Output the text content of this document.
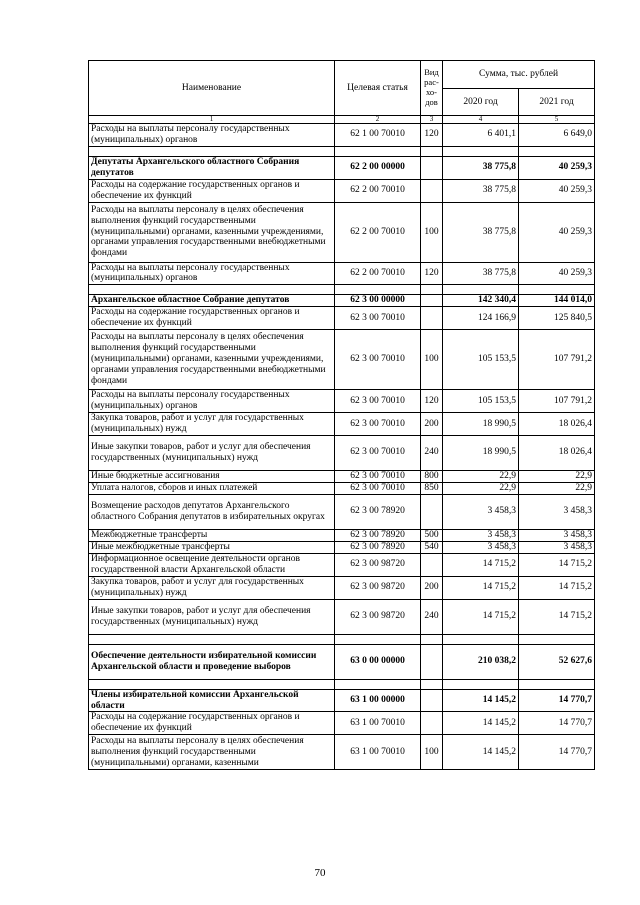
Наименование	Целевая статья	Вид рас-хо-дов	Сумма, тыс. рублей	
			2020 год	2021 год
1	2	3	4	5
Расходы на выплаты персоналу государственных (муниципальных) органов	62 1 00 70010	120	6 401,1	6 649,0

Депутаты Архангельского областного Собрания депутатов	62 2 00 00000		38 775,8	40 259,3
Расходы на содержание государственных органов и обеспечение их функций	62 2 00 70010		38 775,8	40 259,3
Расходы на выплаты персоналу в целях обеспечения выполнения функций государственными (муниципальными) органами, казенными учреждениями, органами управления государственными внебюджетными фондами	62 2 00 70010	100	38 775,8	40 259,3
Расходы на выплаты персоналу государственных (муниципальных) органов	62 2 00 70010	120	38 775,8	40 259,3

Архангельское областное Собрание депутатов	62 3 00 00000		142 340,4	144 014,0
Расходы на содержание государственных органов и обеспечение их функций	62 3 00 70010		124 166,9	125 840,5
Расходы на выплаты персоналу в целях обеспечения выполнения функций государственными (муниципальными) органами, казенными учреждениями, органами управления государственными внебюджетными фондами	62 3 00 70010	100	105 153,5	107 791,2
Расходы на выплаты персоналу государственных (муниципальных) органов	62 3 00 70010	120	105 153,5	107 791,2
Закупка товаров, работ и услуг для государственных (муниципальных) нужд	62 3 00 70010	200	18 990,5	18 026,4
Иные закупки товаров, работ и услуг для обеспечения государственных (муниципальных) нужд	62 3 00 70010	240	18 990,5	18 026,4
Иные бюджетные ассигнования	62 3 00 70010	800	22,9	22,9
Уплата налогов, сборов и иных платежей	62 3 00 70010	850	22,9	22,9
Возмещение расходов депутатов Архангельского областного Собрания депутатов в избирательных округах	62 3 00 78920		3 458,3	3 458,3
Межбюджетные трансферты	62 3 00 78920	500	3 458,3	3 458,3
Иные межбюджетные трансферты	62 3 00 78920	540	3 458,3	3 458,3
Информационное освещение деятельности органов государственной власти Архангельской области	62 3 00 98720		14 715,2	14 715,2
Закупка товаров, работ и услуг для государственных (муниципальных) нужд	62 3 00 98720	200	14 715,2	14 715,2
Иные закупки товаров, работ и услуг для обеспечения государственных (муниципальных) нужд	62 3 00 98720	240	14 715,2	14 715,2

Обеспечение деятельности избирательной комиссии Архангельской области и проведение выборов	63 0 00 00000		210 038,2	52 627,6

Члены избирательной комиссии Архангельской области	63 1 00 00000		14 145,2	14 770,7
Расходы на содержание государственных органов и обеспечение их функций	63 1 00 70010		14 145,2	14 770,7
Расходы на выплаты персоналу в целях обеспечения выполнения функций государственными (муниципальными) органами, казенными	63 1 00 70010	100	14 145,2	14 770,7
70
